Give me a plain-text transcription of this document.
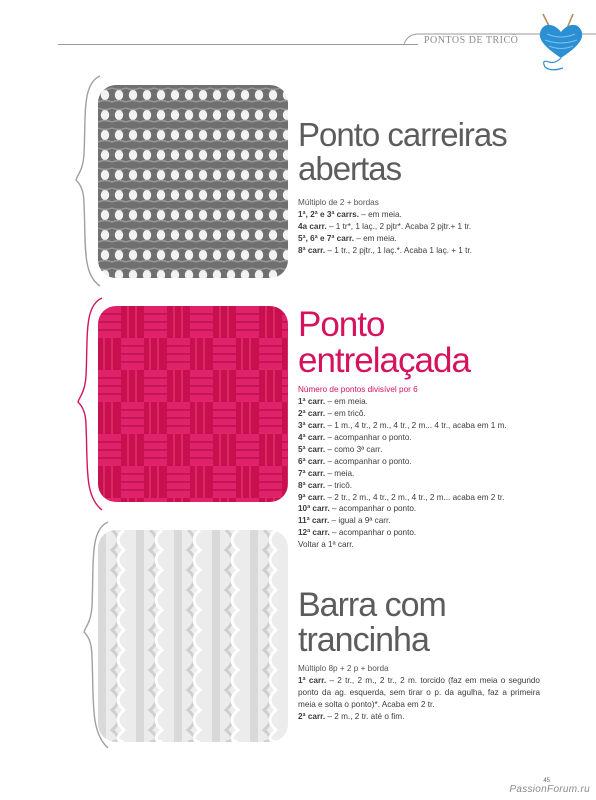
PONTOS DE TRICÔ
Ponto carreiras
abertas
Múltiplo de 2 + bordas
1ª, 2ª e 3ª carrs. – em meia.
4a carr. – 1 tr*, 1 laç., 2 pjtr*. Acaba 2 pjtr.+ 1 tr.
5ª, 6ª e 7ª carr. – em meia.
8ª carr. – 1 tr., 2 pjtr., 1 laç.*. Acaba 1 laç. + 1 tr.
Ponto entrelaçada
Número de pontos divisível por 6
1ª carr. – em meia.
2ª carr. – em tricô.
3ª carr. – 1 m., 4 tr., 2 m., 4 tr., 2 m... 4 tr., acaba em 1 m.
4ª carr. – acompanhar o ponto.
5ª carr. – como 3ª carr.
6ª carr. – acompanhar o ponto.
7ª carr. – meia.
8ª carr. – tricô.
9ª carr. – 2 tr., 2 m., 4 tr., 2 m., 4 tr., 2 m... acaba em 2 tr.
10ª carr. – acompanhar o ponto.
11ª carr. – igual a 9ª carr.
12ª carr. – acompanhar o ponto.
Voltar a 1ª carr.
Barra com trancinha
Múltiplo 8p + 2 p + borda
1ª carr. – 2 tr., 2 m., 2 tr., 2 m. torcido (faz em meia o segundo ponto da ag. esquerda, sem tirar o p. da agulha, faz a primeira meia e solta o ponto)*. Acaba em 2 tr.
2ª carr. – 2 m., 2 tr. até o fim.
45
PassionForum.ru
